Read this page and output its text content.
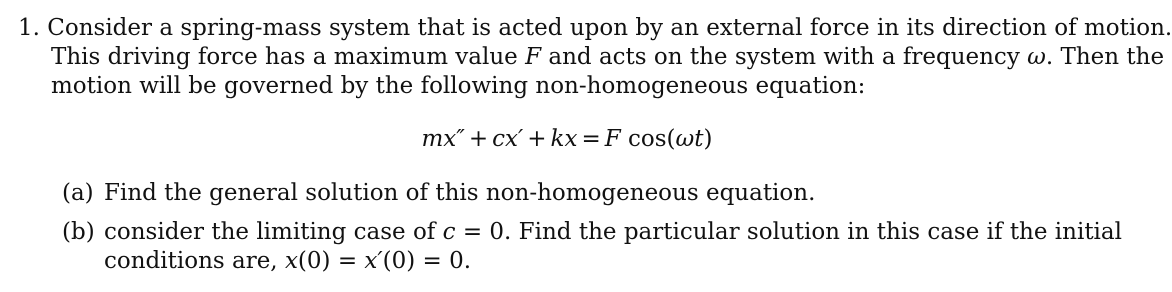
1. Consider a spring-mass system that is acted upon by an external force in its direction of motion.
This driving force has a maximum value F and acts on the system with a frequency ω. Then the
motion will be governed by the following non-homogeneous equation:
mx″ + cx′ + kx = F cos(ωt)
(a) Find the general solution of this non-homogeneous equation.
(b) consider the limiting case of c = 0. Find the particular solution in this case if the initial
conditions are, x(0) = x′(0) = 0.
